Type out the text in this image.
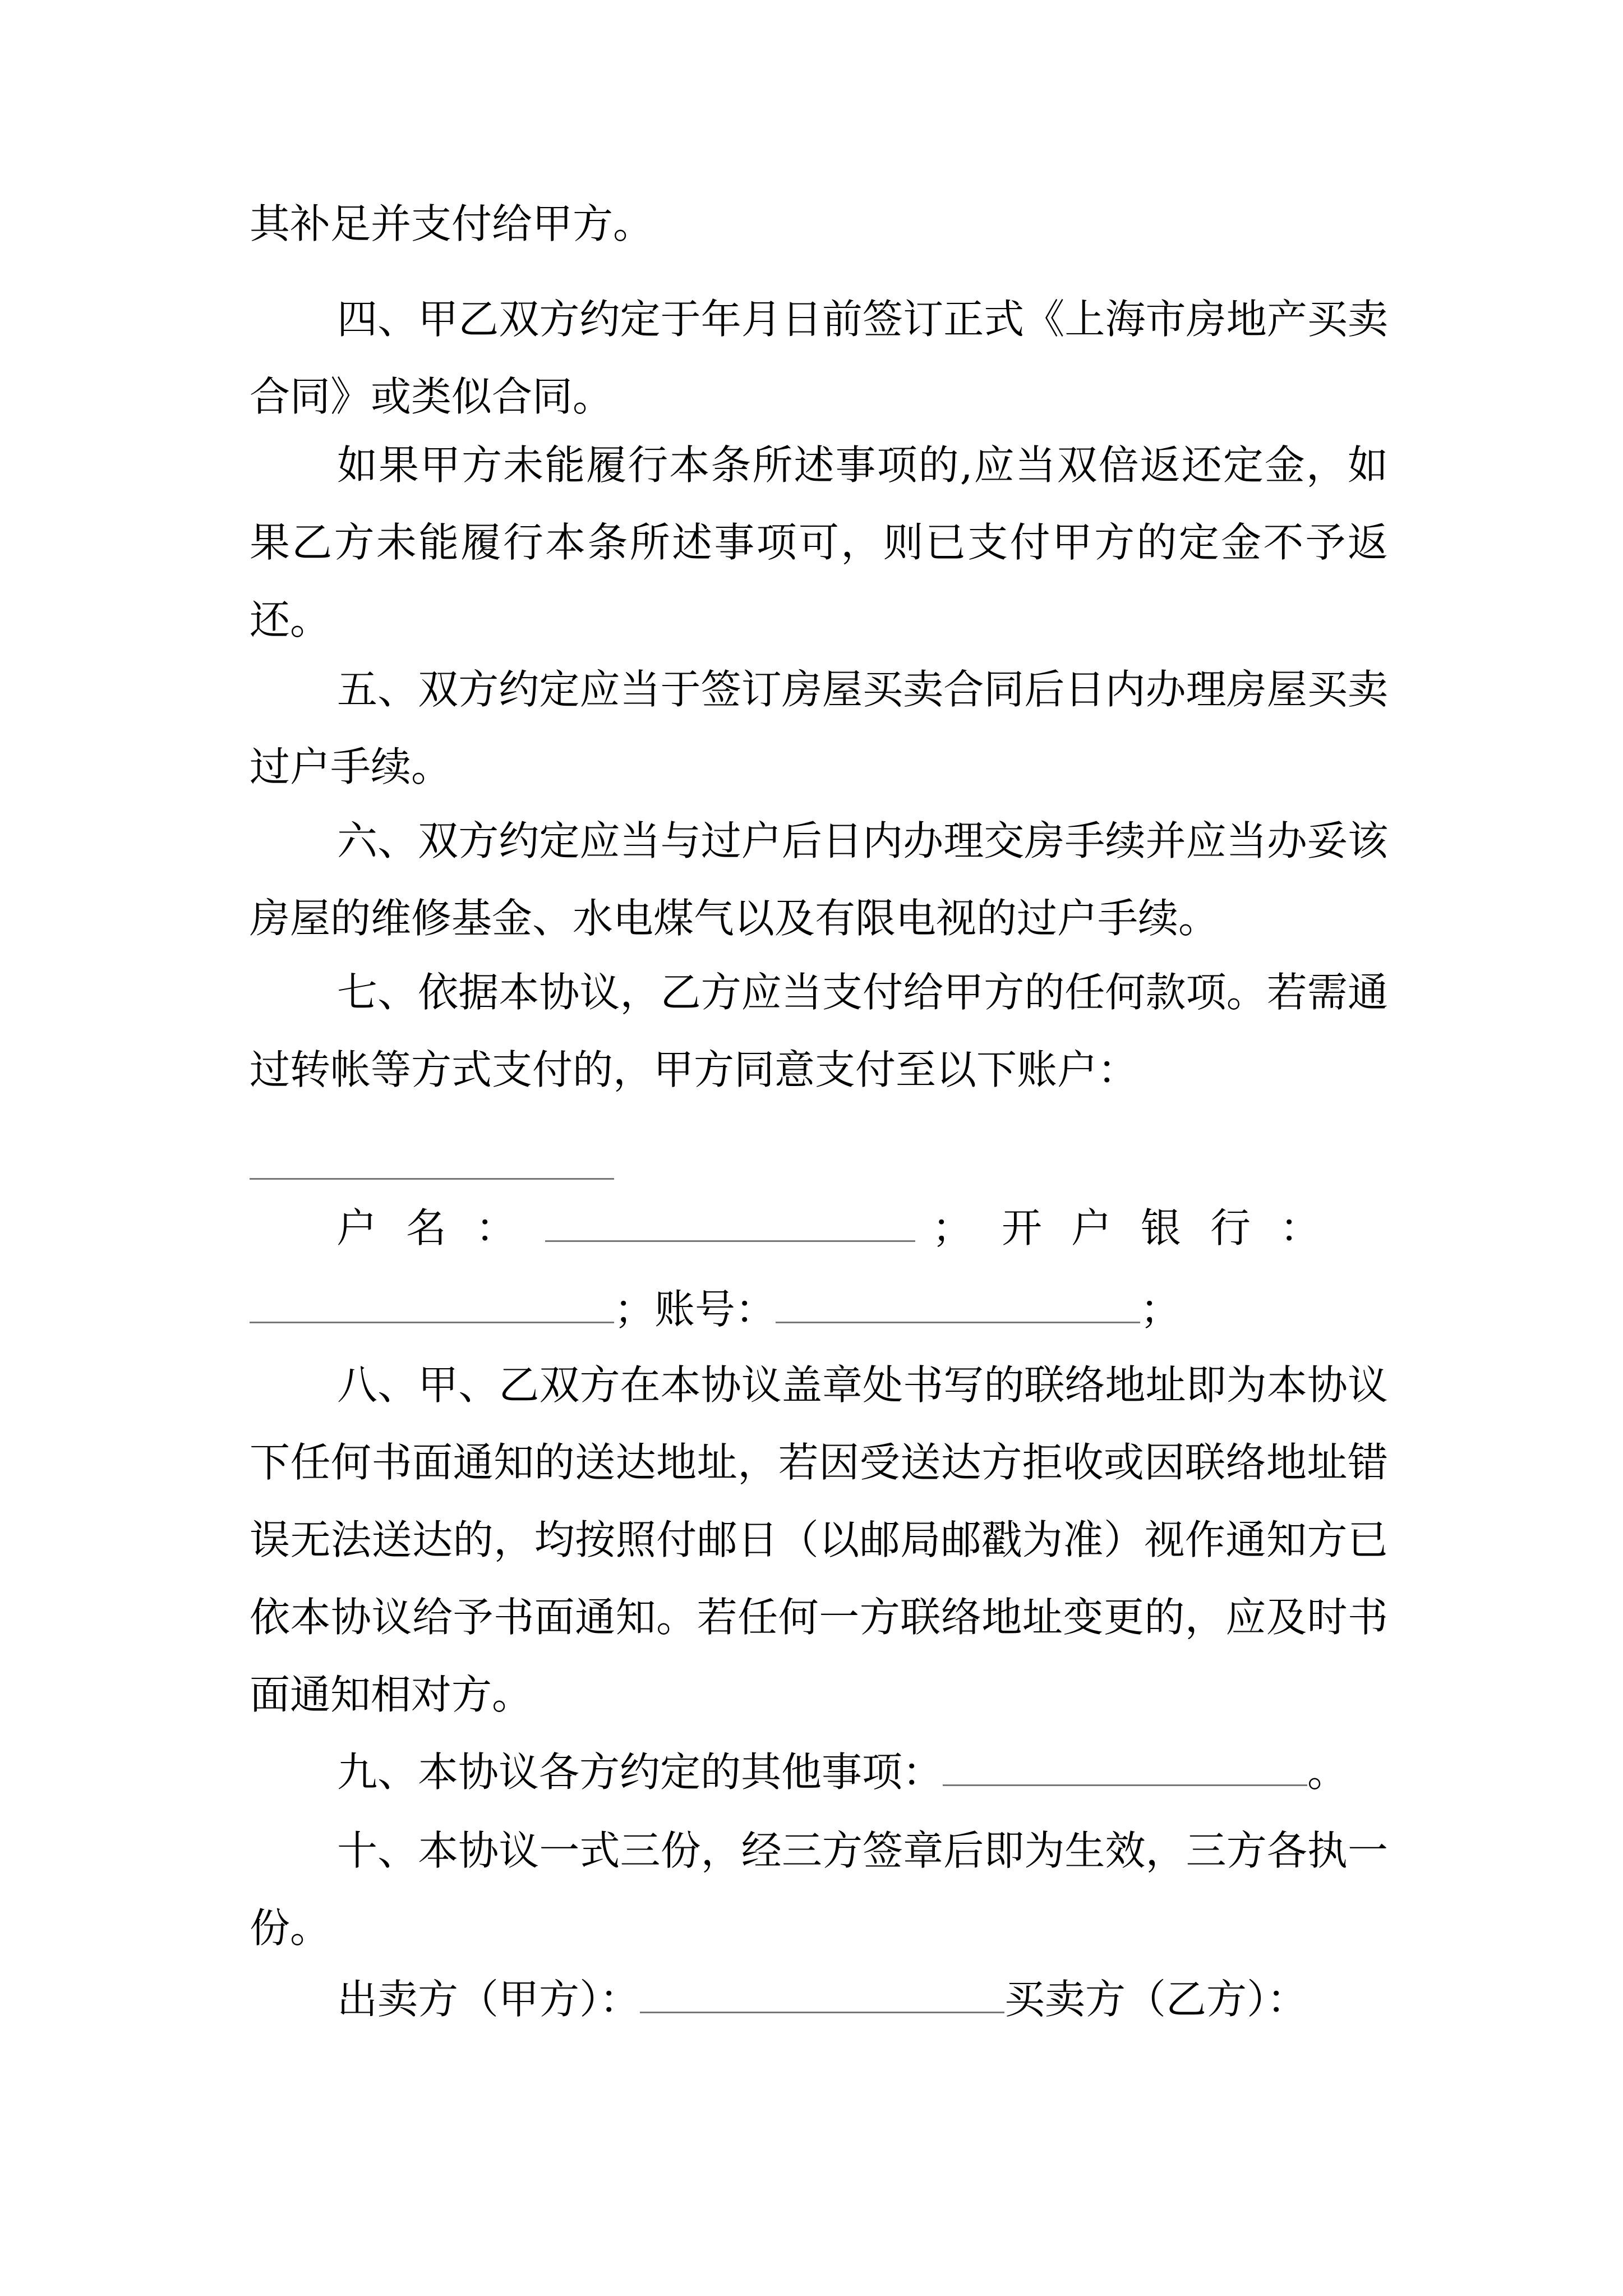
其补足并支付给甲方。
四、甲乙双方约定于年月日前签订正式《上海市房地产买卖合同》或类似合同。
如果甲方未能履行本条所述事项的,应当双倍返还定金，如果乙方未能履行本条所述事项可，则已支付甲方的定金不予返还。
五、双方约定应当于签订房屋买卖合同后日内办理房屋买卖过户手续。
六、双方约定应当与过户后日内办理交房手续并应当办妥该房屋的维修基金、水电煤气以及有限电视的过户手续。
七、依据本协议，乙方应当支付给甲方的任何款项。若需通过转帐等方式支付的，甲方同意支付至以下账户：
户名：	；开户银行：
；账号：	；
八、甲、乙双方在本协议盖章处书写的联络地址即为本协议下任何书面通知的送达地址，若因受送达方拒收或因联络地址错误无法送达的，均按照付邮日（以邮局邮戳为准）视作通知方已依本协议给予书面通知。若任何一方联络地址变更的，应及时书面通知相对方。
九、本协议各方约定的其他事项：	。
十、本协议一式三份，经三方签章后即为生效，三方各执一份。
出卖方（甲方）：	买卖方（乙方）：
